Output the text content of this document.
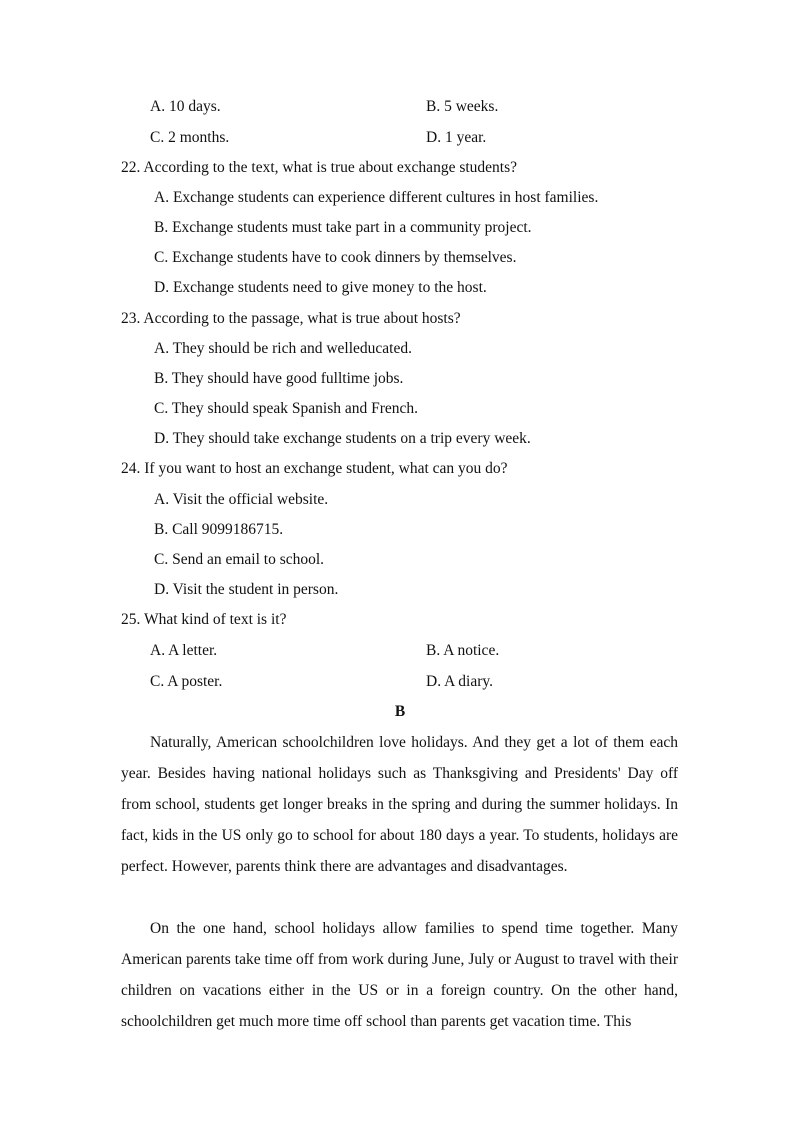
A. 10 days.	B. 5 weeks.
C. 2 months.	D. 1 year.
22. According to the text, what is true about exchange students?
A. Exchange students can experience different cultures in host families.
B. Exchange students must take part in a community project.
C. Exchange students have to cook dinners by themselves.
D. Exchange students need to give money to the host.
23. According to the passage, what is true about hosts?
A. They should be rich and welleducated.
B. They should have good fulltime jobs.
C. They should speak Spanish and French.
D. They should take exchange students on a trip every week.
24. If you want to host an exchange student, what can you do?
A. Visit the official website.
B. Call 9099186715.
C. Send an email to school.
D. Visit the student in person.
25. What kind of text is it?
A. A letter.	B. A notice.
C. A poster.	D. A diary.
B

Naturally, American schoolchildren love holidays. And they get a lot of them each year. Besides having national holidays such as Thanksgiving and Presidents' Day off from school, students get longer breaks in the spring and during the summer holidays. In fact, kids in the US only go to school for about 180 days a year. To students, holidays are perfect. However, parents think there are advantages and disadvantages.

On the one hand, school holidays allow families to spend time together. Many American parents take time off from work during June, July or August to travel with their children on vacations either in the US or in a foreign country. On the other hand, schoolchildren get much more time off school than parents get vacation time. This
